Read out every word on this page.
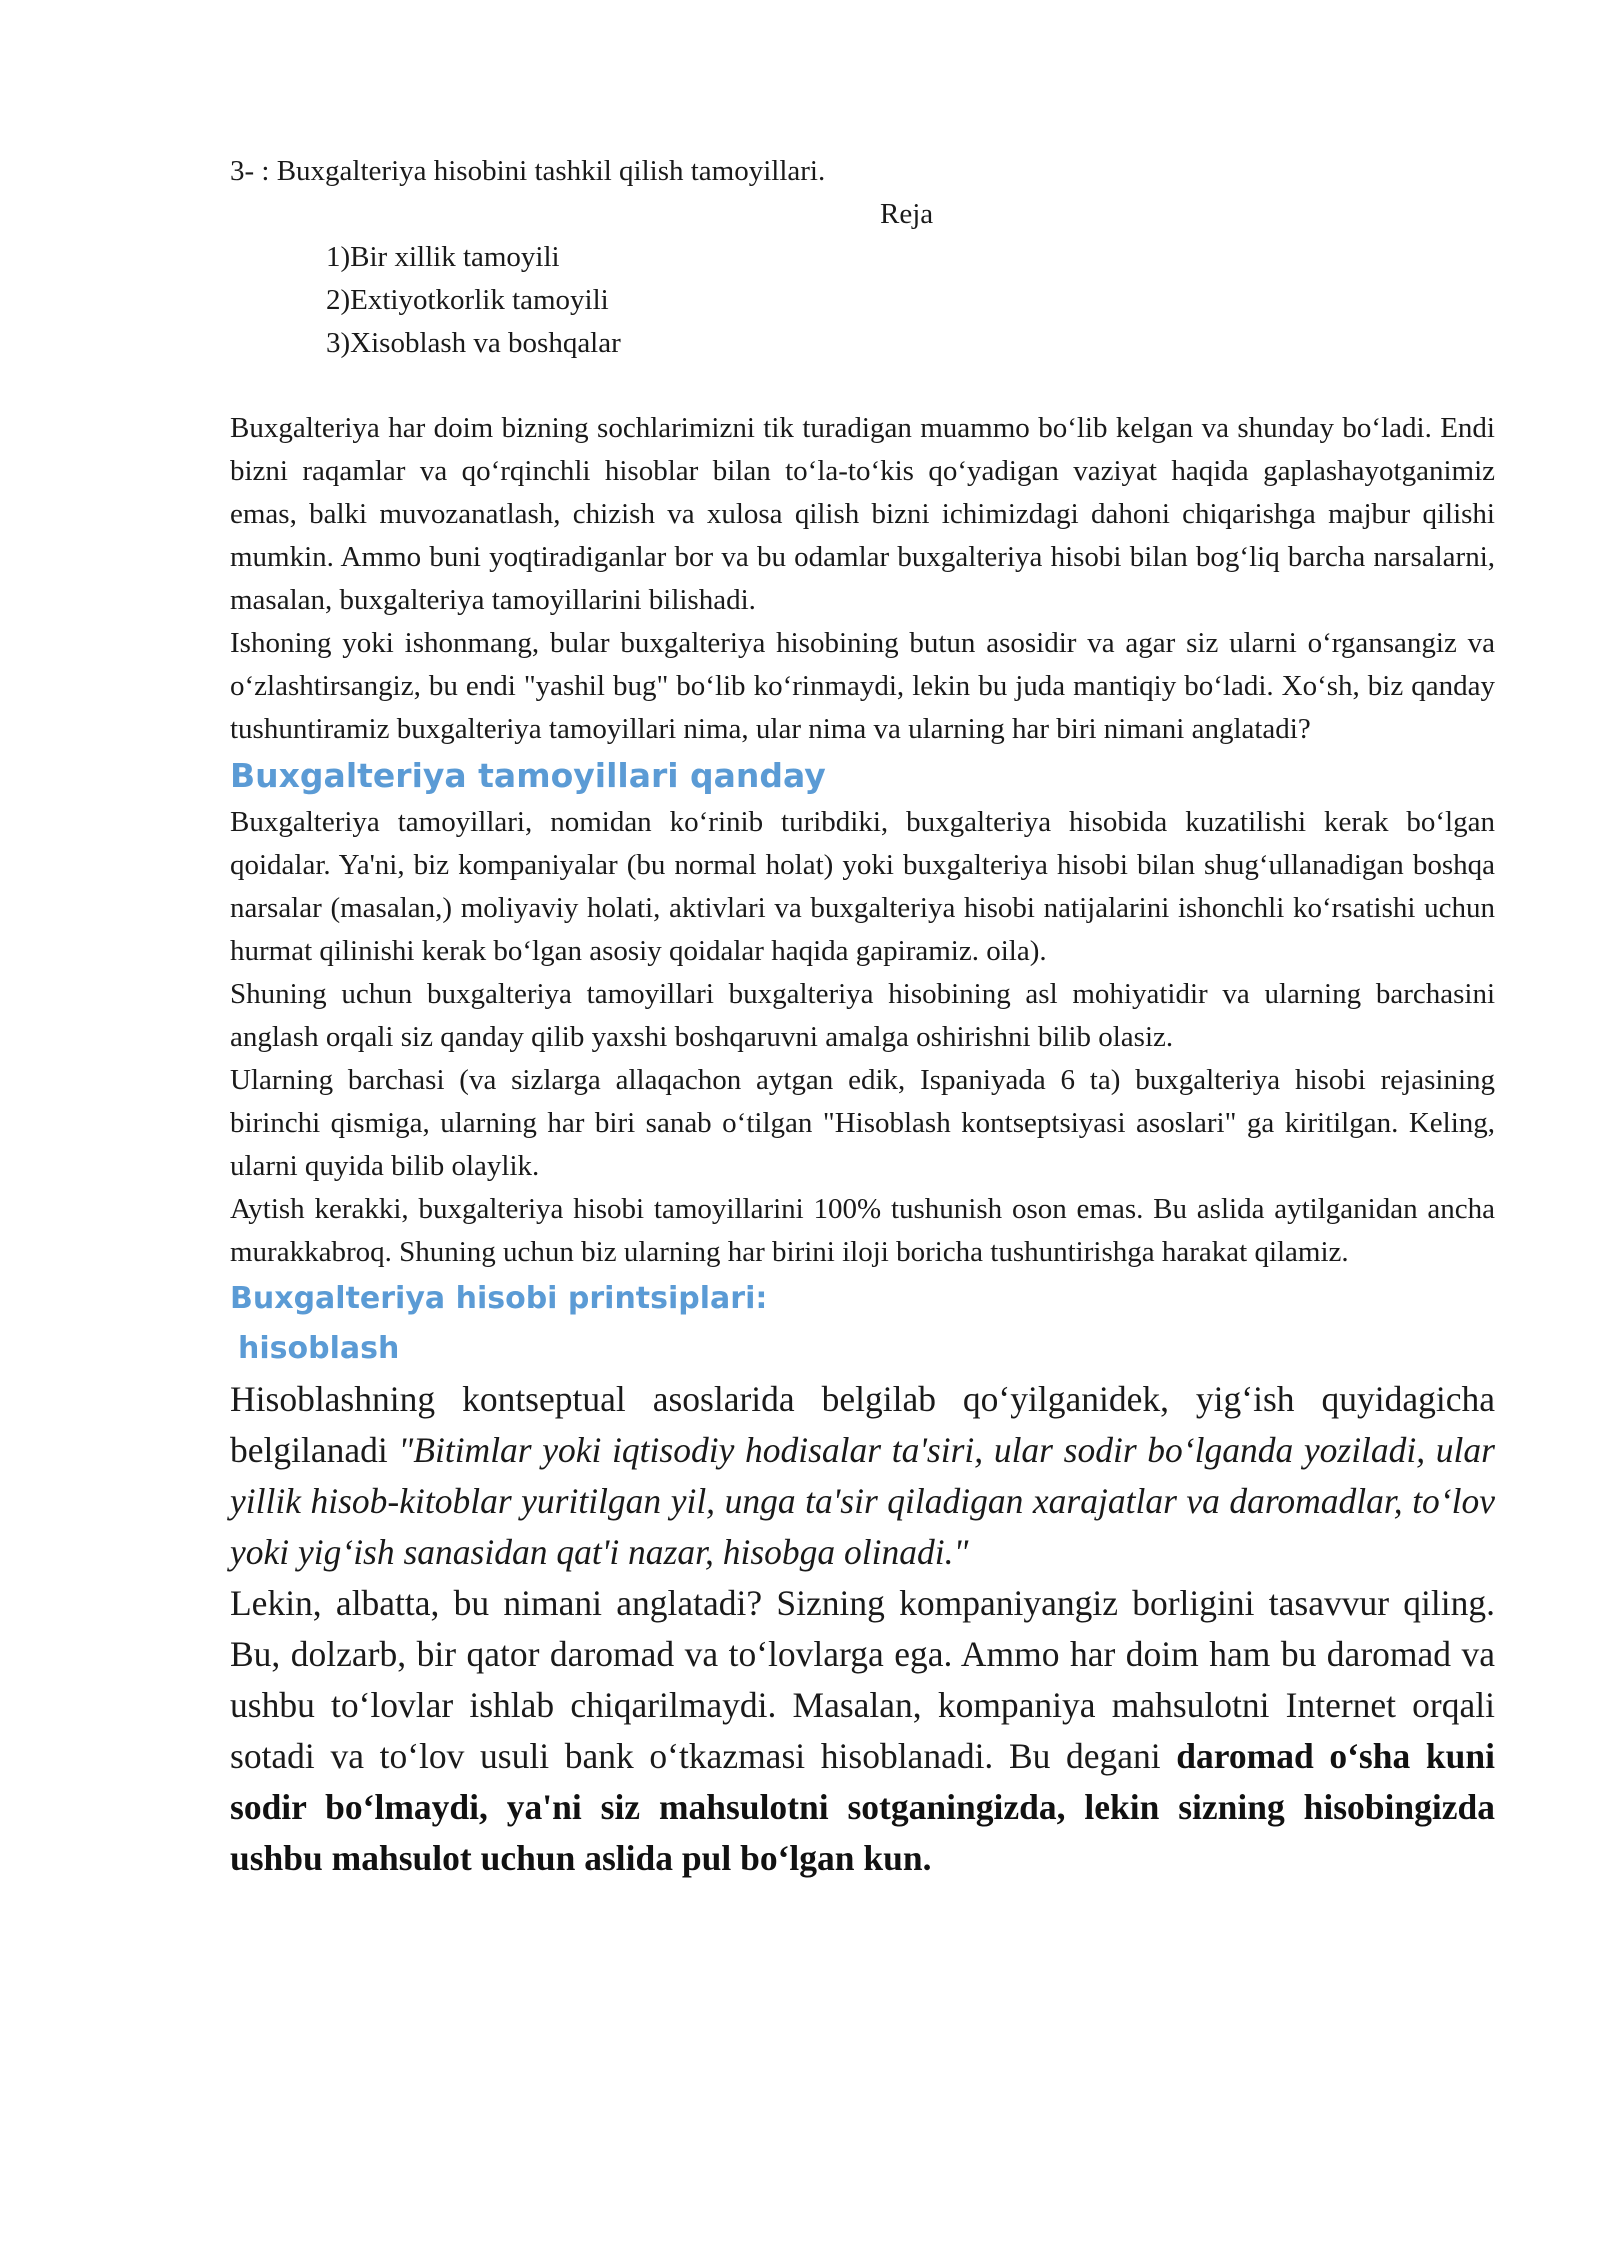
3- : Buxgalteriya hisobini tashkil qilish tamoyillari.

Reja

1)Bir xillik tamoyili
2)Extiyotkorlik tamoyili
3)Xisoblash va boshqalar

Buxgalteriya har doim bizning sochlarimizni tik turadigan muammo bo‘lib kelgan va shunday bo‘ladi. Endi bizni raqamlar va qo‘rqinchli hisoblar bilan to‘la-to‘kis qo‘yadigan vaziyat haqida gaplashayotganimiz emas, balki muvozanatlash, chizish va xulosa qilish bizni ichimizdagi dahoni chiqarishga majbur qilishi mumkin. Ammo buni yoqtiradiganlar bor va bu odamlar buxgalteriya hisobi bilan bog‘liq barcha narsalarni, masalan, buxgalteriya tamoyillarini bilishadi.

Ishoning yoki ishonmang, bular buxgalteriya hisobining butun asosidir va agar siz ularni o‘rgansangiz va o‘zlashtirsangiz, bu endi "yashil bug" bo‘lib ko‘rinmaydi, lekin bu juda mantiqiy bo‘ladi. Xo‘sh, biz qanday tushuntiramiz buxgalteriya tamoyillari nima, ular nima va ularning har biri nimani anglatadi?

Buxgalteriya tamoyillari qanday

Buxgalteriya tamoyillari, nomidan ko‘rinib turibdiki, buxgalteriya hisobida kuzatilishi kerak bo‘lgan qoidalar. Ya'ni, biz kompaniyalar (bu normal holat) yoki buxgalteriya hisobi bilan shug‘ullanadigan boshqa narsalar (masalan,) moliyaviy holati, aktivlari va buxgalteriya hisobi natijalarini ishonchli ko‘rsatishi uchun hurmat qilinishi kerak bo‘lgan asosiy qoidalar haqida gapiramiz. oila).

Shuning uchun buxgalteriya tamoyillari buxgalteriya hisobining asl mohiyatidir va ularning barchasini anglash orqali siz qanday qilib yaxshi boshqaruvni amalga oshirishni bilib olasiz.

Ularning barchasi (va sizlarga allaqachon aytgan edik, Ispaniyada 6 ta) buxgalteriya hisobi rejasining birinchi qismiga, ularning har biri sanab o‘tilgan "Hisoblash kontseptsiyasi asoslari" ga kiritilgan. Keling, ularni quyida bilib olaylik.

Aytish kerakki, buxgalteriya hisobi tamoyillarini 100% tushunish oson emas. Bu aslida aytilganidan ancha murakkabroq. Shuning uchun biz ularning har birini iloji boricha tushuntirishga harakat qilamiz.

Buxgalteriya hisobi printsiplari:
hisoblash

Hisoblashning kontseptual asoslarida belgilab qo‘yilganidek, yig‘ish quyidagicha belgilanadi "Bitimlar yoki iqtisodiy hodisalar ta'siri, ular sodir bo‘lganda yoziladi, ular yillik hisob-kitoblar yuritilgan yil, unga ta'sir qiladigan xarajatlar va daromadlar, to‘lov yoki yig‘ish sanasidan qat'i nazar, hisobga olinadi."

Lekin, albatta, bu nimani anglatadi? Sizning kompaniyangiz borligini tasavvur qiling. Bu, dolzarb, bir qator daromad va to‘lovlarga ega. Ammo har doim ham bu daromad va ushbu to‘lovlar ishlab chiqarilmaydi. Masalan, kompaniya mahsulotni Internet orqali sotadi va to‘lov usuli bank o‘tkazmasi hisoblanadi. Bu degani daromad o‘sha kuni sodir bo‘lmaydi, ya'ni siz mahsulotni sotganingizda, lekin sizning hisobingizda ushbu mahsulot uchun aslida pul bo‘lgan kun.
